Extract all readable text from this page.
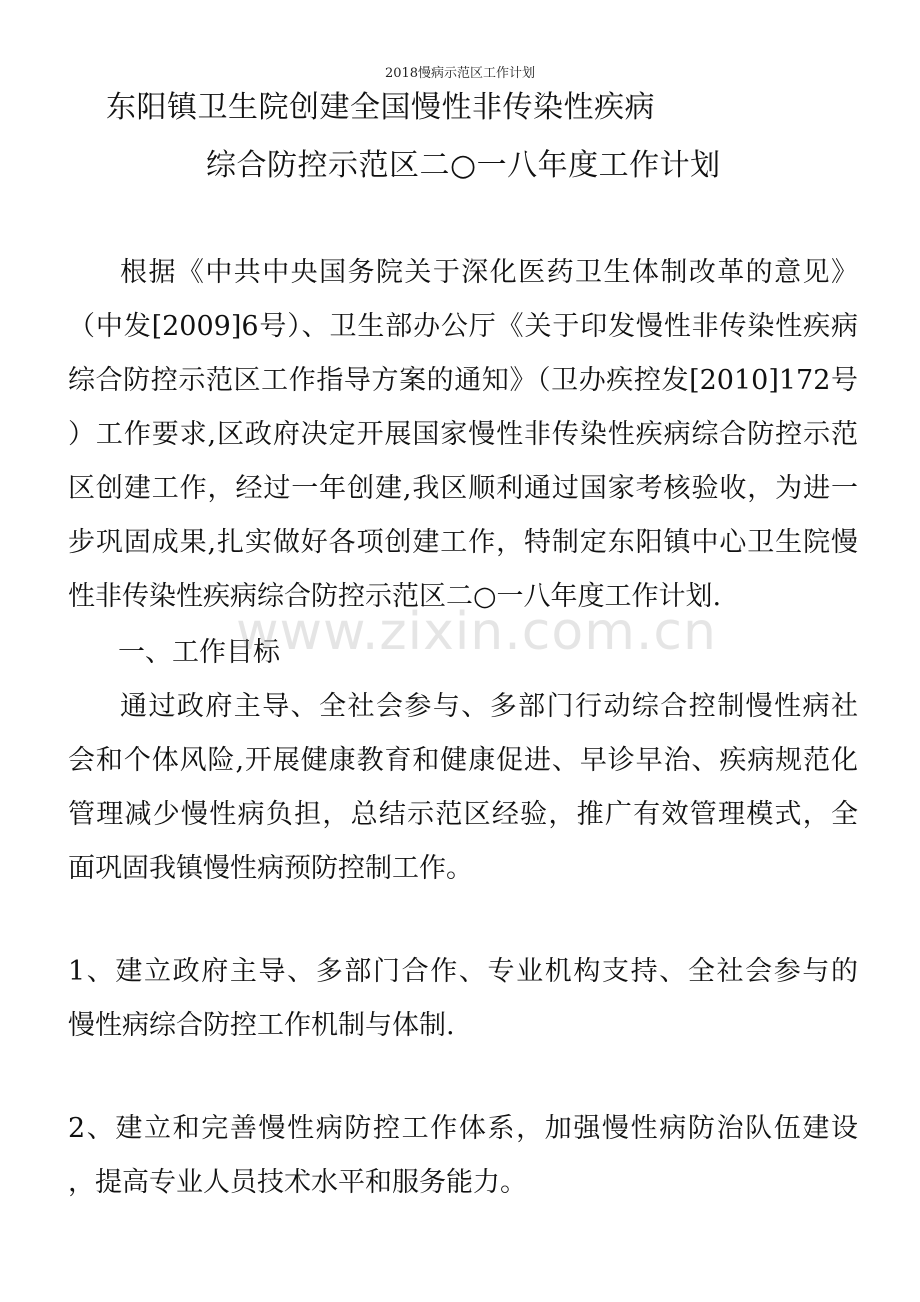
2018慢病示范区工作计划
东阳镇卫生院创建全国慢性非传染性疾病
综合防控示范区二○一八年度工作计划
根据《中共中央国务院关于深化医药卫生体制改革的意见》
（中发[2009]6号）、卫生部办公厅《关于印发慢性非传染性疾病
综合防控示范区工作指导方案的通知》（卫办疾控发[2010]172号
）工作要求,区政府决定开展国家慢性非传染性疾病综合防控示范
区创建工作，经过一年创建,我区顺利通过国家考核验收，为进一
步巩固成果,扎实做好各项创建工作，特制定东阳镇中心卫生院慢
性非传染性疾病综合防控示范区二○一八年度工作计划.
一、工作目标
通过政府主导、全社会参与、多部门行动综合控制慢性病社
会和个体风险,开展健康教育和健康促进、早诊早治、疾病规范化
管理减少慢性病负担，总结示范区经验，推广有效管理模式，全
面巩固我镇慢性病预防控制工作。
1、建立政府主导、多部门合作、专业机构支持、全社会参与的
慢性病综合防控工作机制与体制.
2、建立和完善慢性病防控工作体系，加强慢性病防治队伍建设
，提高专业人员技术水平和服务能力。
www.zixin.com.cn
